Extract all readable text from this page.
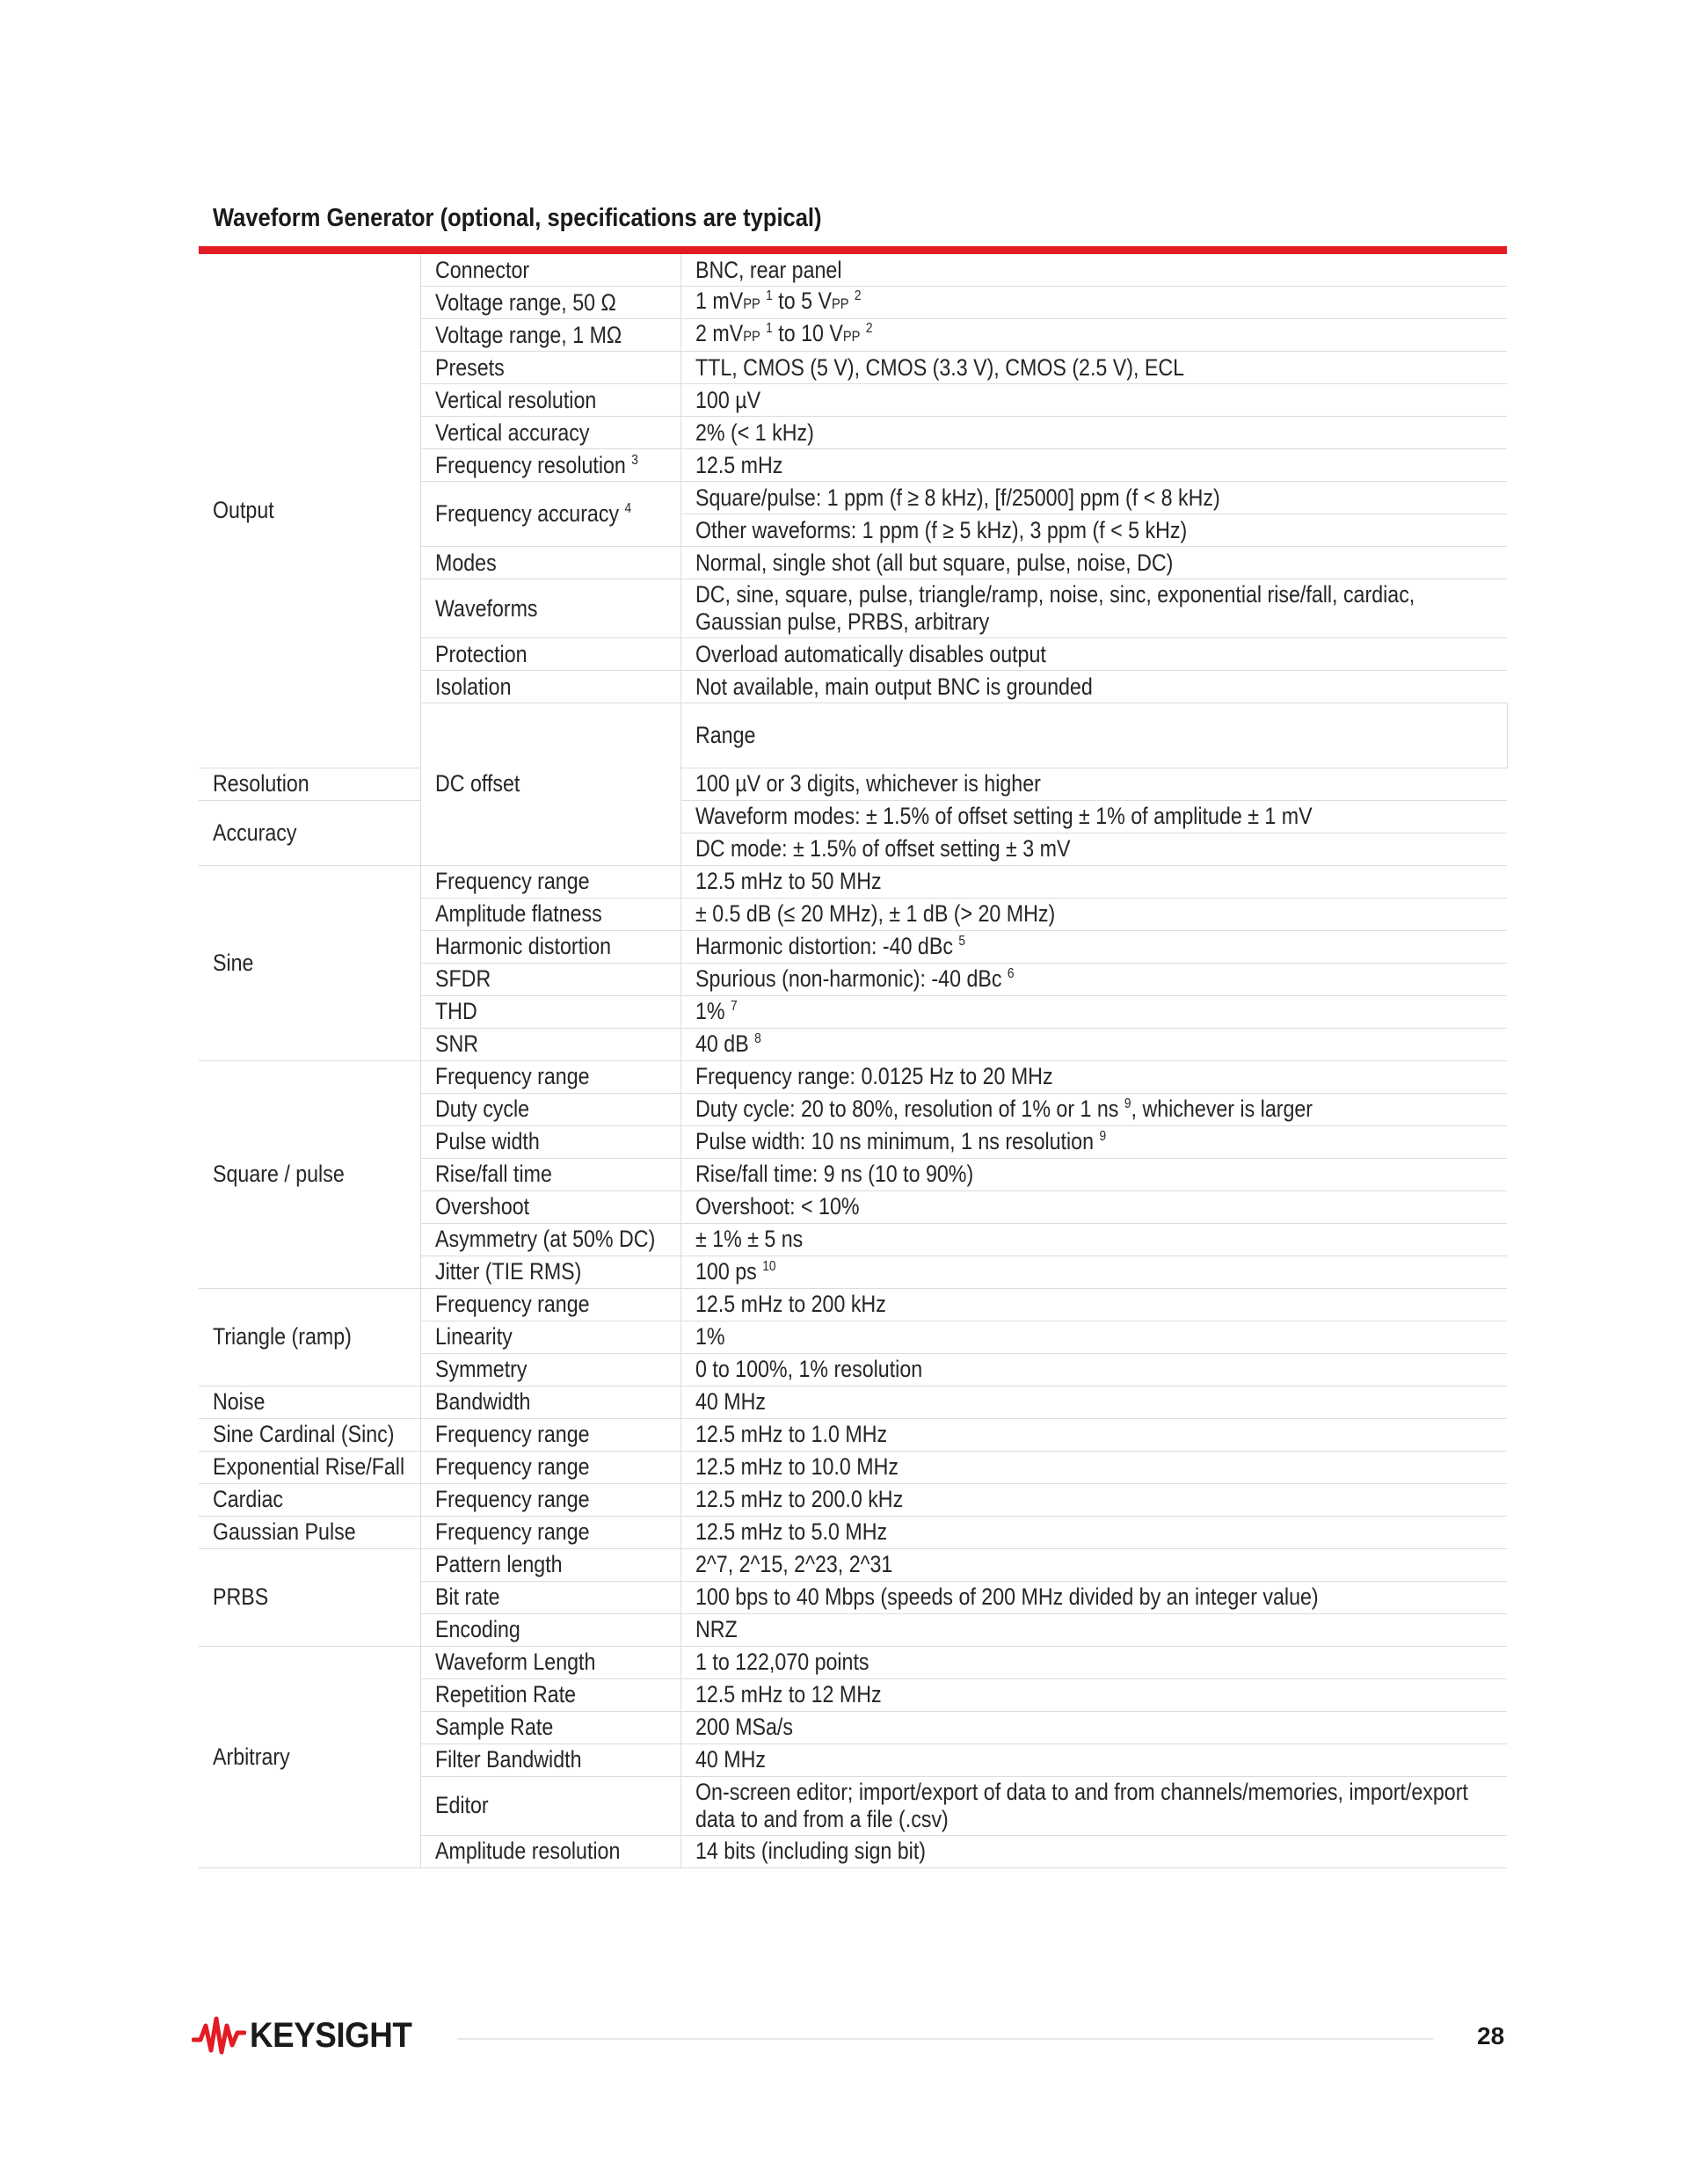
Waveform Generator (optional, specifications are typical)
Output	Connector	BNC, rear panel	
	Voltage range, 50 Ω	1 mVPP $^1$ to 5 VPP $^2$
	Voltage range, 1 MΩ	2 mVPP $^1$ to 10 VPP $^2$
	Presets	TTL, CMOS (5 V), CMOS (3.3 V), CMOS (2.5 V), ECL	
	Vertical resolution	100 µV	
	Vertical accuracy	2% (< 1 kHz)	
	Frequency resolution $^3$	12.5 mHz	
	Frequency accuracy $^4$	Square/pulse: 1 ppm (f ≥ 8 kHz), [f/25000] ppm (f < 8 kHz)	
		Other waveforms: 1 ppm (f ≥ 5 kHz), 3 ppm (f < 5 kHz)	
	Modes	Normal, single shot (all but square, pulse, noise, DC)	
	Waveforms	DC, sine, square, pulse, triangle/ramp, noise, sinc, exponential rise/fall, cardiac,
Gaussian pulse, PRBS, arbitrary	
	Protection	Overload automatically disables output	
	Isolation	Not available, main output BNC is grounded	
	DC offset	Range	

Resolution		100 µV or 3 digits, whichever is higher	
Accuracy		Waveform modes: ± 1.5% of offset setting ± 1% of amplitude ± 1 mV	
		DC mode: ± 1.5% of offset setting ± 3 mV	
Sine	Frequency range	12.5 mHz to 50 MHz	
	Amplitude flatness	± 0.5 dB (≤ 20 MHz), ± 1 dB (> 20 MHz)	
	Harmonic distortion	Harmonic distortion: -40 dBc $^5$
	SFDR	Spurious (non-harmonic): -40 dBc $^6$
	THD	1% $^7$
	SNR	40 dB $^8$
Square / pulse	Frequency range	Frequency range: 0.0125 Hz to 20 MHz	
	Duty cycle	Duty cycle: 20 to 80%, resolution of 1% or 1 ns $^9$, whichever is larger	
	Pulse width	Pulse width: 10 ns minimum, 1 ns resolution $^9$
	Rise/fall time	Rise/fall time: 9 ns (10 to 90%)	
	Overshoot	Overshoot: < 10%	
	Asymmetry (at 50% DC)	± 1% ± 5 ns	
	Jitter (TIE RMS)	100 ps $^{10}$
Triangle (ramp)	Frequency range	12.5 mHz to 200 kHz	
	Linearity	1%	
	Symmetry	0 to 100%, 1% resolution	
Noise	Bandwidth	40 MHz	
Sine Cardinal (Sinc)	Frequency range	12.5 mHz to 1.0 MHz	
Exponential Rise/Fall	Frequency range	12.5 mHz to 10.0 MHz	
Cardiac	Frequency range	12.5 mHz to 200.0 kHz	
Gaussian Pulse	Frequency range	12.5 mHz to 5.0 MHz	
PRBS	Pattern length	2^7, 2^15, 2^23, 2^31	
	Bit rate	100 bps to 40 Mbps (speeds of 200 MHz divided by an integer value)	
	Encoding	NRZ	
Arbitrary	Waveform Length	1 to 122,070 points	
	Repetition Rate	12.5 mHz to 12 MHz	
	Sample Rate	200 MSa/s	
	Filter Bandwidth	40 MHz	
	Editor	On-screen editor; import/export of data to and from channels/memories, import/export
data to and from a file (.csv)	
	Amplitude resolution	14 bits (including sign bit)	
KEYSIGHT	28
